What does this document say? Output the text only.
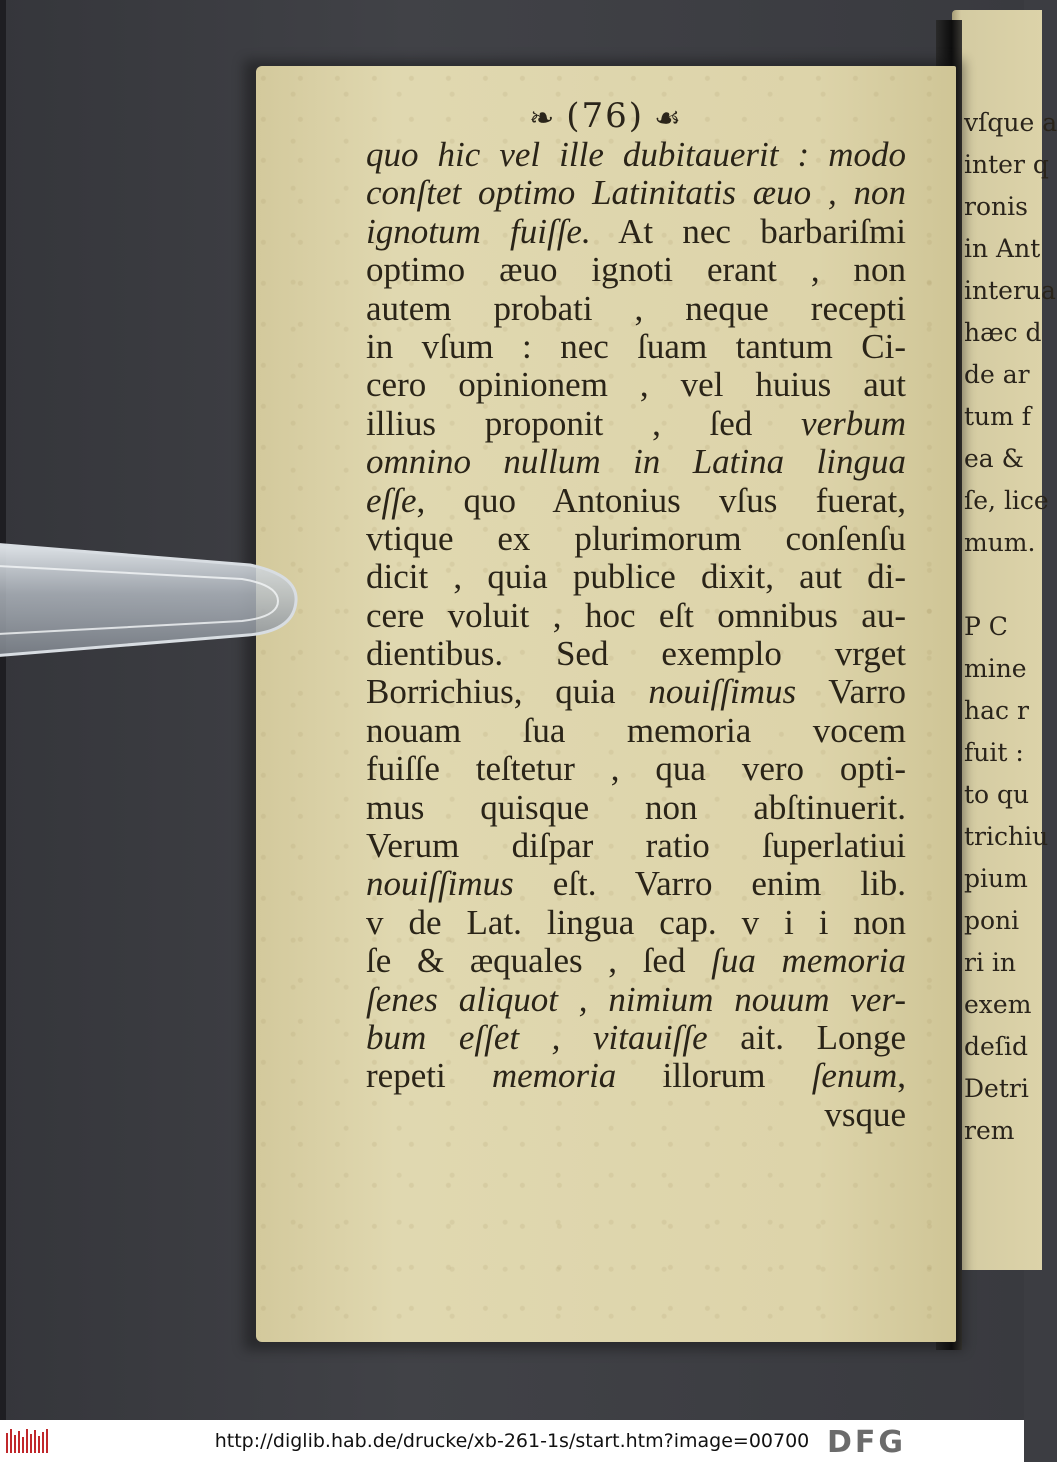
vſque a
inter q
ronis
in Ant
interua
hæc d
de ar
tum f
ea &
ſe, lice
mum.
P C
mine
hac r
fuit :
to qu
trichiu
pium
poni
ri in
exem
deſid
Detri
rem
❧ (76) ☙
quo hic vel ille dubitauerit : modo
conſtet optimo Latinitatis æuo , non
ignotum fuiſſe. At nec barbariſmi
optimo æuo ignoti erant , non
autem probati , neque recepti
in vſum : nec ſuam tantum Ci-
cero opinionem , vel huius aut
illius proponit , ſed verbum
omnino nullum in Latina lingua
eſſe, quo Antonius vſus fuerat,
vtique ex plurimorum conſenſu
dicit , quia publice dixit, aut di-
cere voluit , hoc eſt omnibus au-
dientibus. Sed exemplo vrget
Borrichius, quia nouiſſimus Varro
nouam ſua memoria vocem
fuiſſe teſtetur , qua vero opti-
mus quisque non abſtinuerit.
Verum diſpar ratio ſuperlatiui
nouiſſimus eſt. Varro enim lib.
v de Lat. lingua cap. v i i non
ſe & æquales , ſed ſua memoria
ſenes aliquot , nimium nouum ver-
bum eſſet , vitauiſſe ait. Longe
repeti memoria illorum ſenum,
vsque
http://diglib.hab.de/drucke/xb-261-1s/start.htm?image=00700 DFG
